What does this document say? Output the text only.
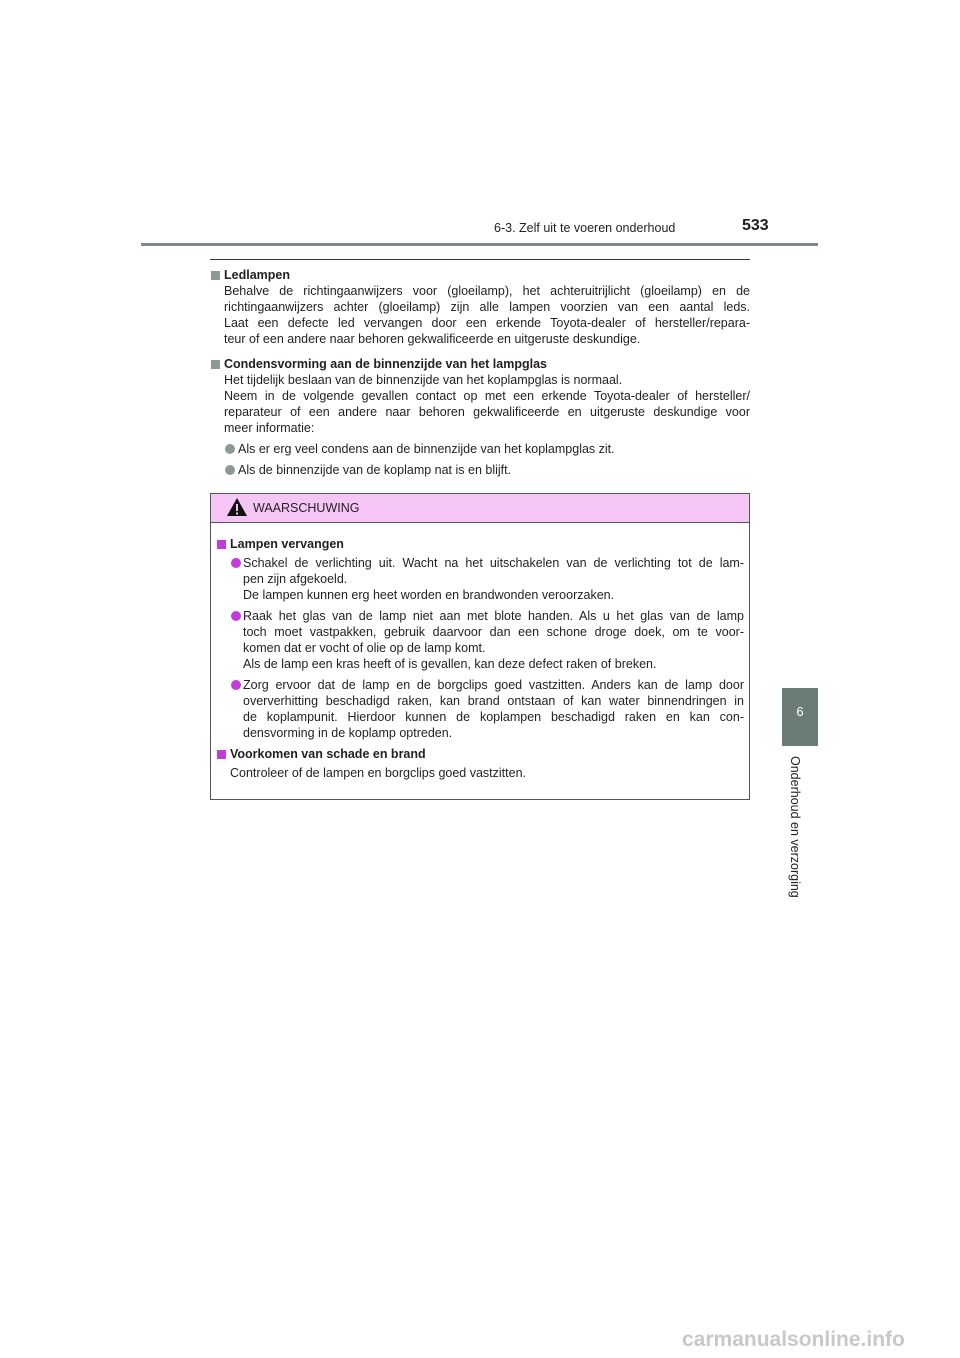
6-3. Zelf uit te voeren onderhoud	533
Ledlampen
Behalve de richtingaanwijzers voor (gloeilamp), het achteruitrijlicht (gloeilamp) en de
richtingaanwijzers achter (gloeilamp) zijn alle lampen voorzien van een aantal leds.
Laat een defecte led vervangen door een erkende Toyota-dealer of hersteller/repara-
teur of een andere naar behoren gekwalificeerde en uitgeruste deskundige.
Condensvorming aan de binnenzijde van het lampglas
Het tijdelijk beslaan van de binnenzijde van het koplampglas is normaal.
Neem in de volgende gevallen contact op met een erkende Toyota-dealer of hersteller/
reparateur of een andere naar behoren gekwalificeerde en uitgeruste deskundige voor
meer informatie:
Als er erg veel condens aan de binnenzijde van het koplampglas zit.
Als de binnenzijde van de koplamp nat is en blijft.
WAARSCHUWING
Lampen vervangen
Schakel de verlichting uit. Wacht na het uitschakelen van de verlichting tot de lam-
pen zijn afgekoeld.
De lampen kunnen erg heet worden en brandwonden veroorzaken.
Raak het glas van de lamp niet aan met blote handen. Als u het glas van de lamp
toch moet vastpakken, gebruik daarvoor dan een schone droge doek, om te voor-
komen dat er vocht of olie op de lamp komt.
Als de lamp een kras heeft of is gevallen, kan deze defect raken of breken.
Zorg ervoor dat de lamp en de borgclips goed vastzitten. Anders kan de lamp door
oververhitting beschadigd raken, kan brand ontstaan of kan water binnendringen in
de koplampunit. Hierdoor kunnen de koplampen beschadigd raken en kan con-
densvorming in de koplamp optreden.
Voorkomen van schade en brand
Controleer of de lampen en borgclips goed vastzitten.
6
Onderhoud en verzorging
carmanualsonline.info
